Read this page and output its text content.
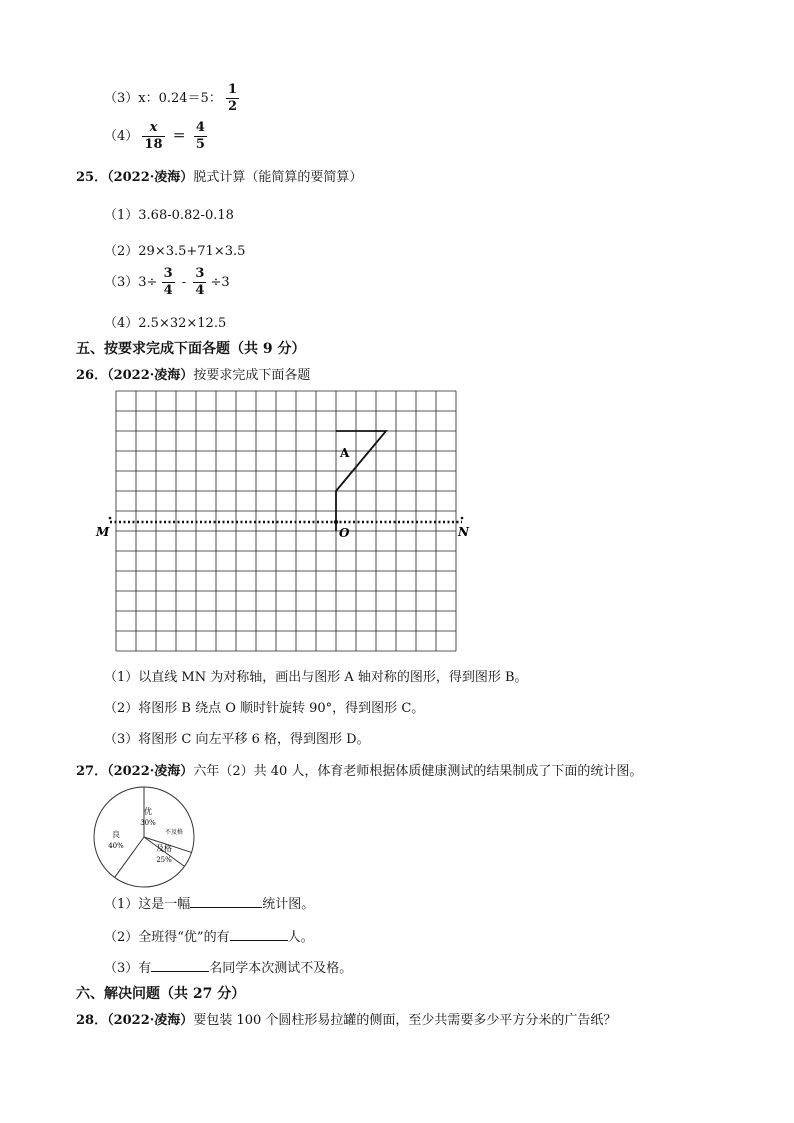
（3）x：0.24＝5： $\frac{1}{2}$
$(4) \frac{x}{18} = \frac{4}{5}$
25．（2022·凌海）脱式计算（能简算的要简算）
（1）3.68-0.82-0.18
（2）29×3.5+71×3.5
$(3)3\div \frac{3}{4} - \frac{3}{4} \div 3$
（4）2.5×32×12.5
五、按要求完成下面各题（共 9 分）
26．（2022·凌海）按要求完成下面各题
M	N
O
A
（1）以直线 MN 为对称轴，画出与图形 A 轴对称的图形，得到图形 B。
（2）将图形 B 绕点 O 顺时针旋转 90°，得到图形 C。
（3）将图形 C 向左平移 6 格，得到图形 D。
27．（2022·凌海）六年（2）共 40 人，体育老师根据体质健康测试的结果制成了下面的统计图。
优
30%
不及格
及格
25%
良
40%
（1）这是一幅	统计图。
（2）全班得“优”的有	人。
（3）有	名同学本次测试不及格。
六、解决问题（共 27 分）
28．（2022·凌海）要包装 100 个圆柱形易拉罐的侧面，至少共需要多少平方分米的广告纸？
